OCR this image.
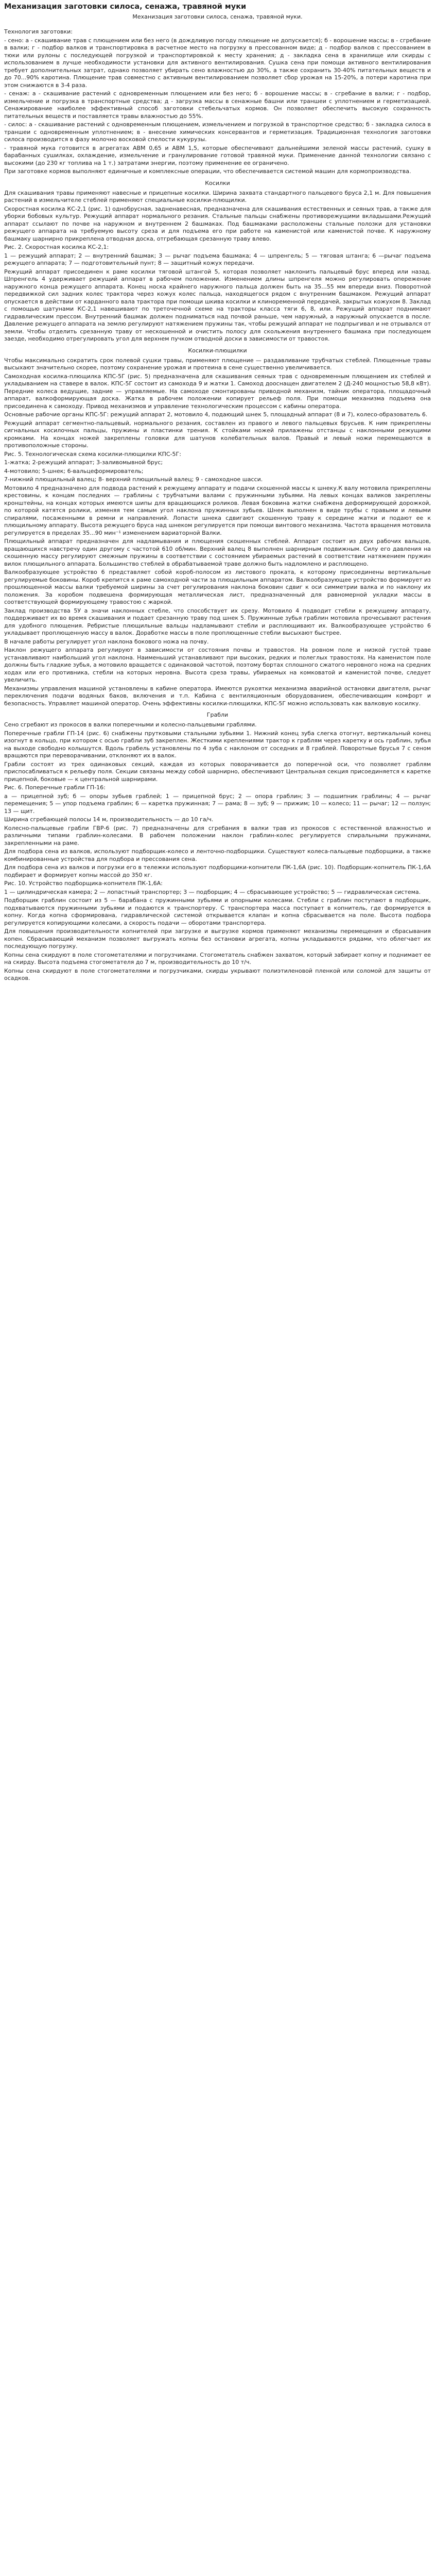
Механизация заготовки силоса, сенажа, травяной муки
Механизация заготовки силоса, сенажа, травяной муки.

Технология заготовки:

- сено: а - скашивание трав с плющением или без него (в дождливую погоду плющение не допускается); б - ворошение массы; в - сгребание в валки; г - подбор валков и транспортировка в расчетное место на погрузку в прессованном виде; д - подбор валков с прессованием в тюки или рулоны с последующей погрузкой и транспортировкой к месту хранения; д - закладка сена в хранилище или скирды с использованием в лучше необходимости установки для активного вентилирования. Сушка сена при помощи активного вентилирования требует дополнительных затрат, однако позволяет убирать сено влажностью до 30%, а также сохранить 30-40% питательных веществ и до 70...90% каротина. Плющение трав совместно с активным вентилированием позволяет сбор урожая на 15-20%, а потери каротина при этом снижаются в 3-4 раза.

- сенаж: а - скашивание растений с одновременным плющением или без него; б - ворошение массы; в - сгребание в валки; г - подбор, измельчение и погрузка в транспортные средства; д - загрузка массы в сенажные башни или траншеи с уплотнением и герметизацией. Сенажирование наиболее эффективный способ заготовки стебельчатых кормов. Он позволяет обеспечить высокую сохранность питательных веществ и поставляется травы влажностью до 55%.

- силос: а - скашивание растений с одновременным плющением, измельчением и погрузкой в транспортное средство; б - закладка силоса в траншеи с одновременным уплотнением; в - внесение химических консервантов и герметизация. Традиционная технология заготовки силоса производится в фазу молочно восковой спелости кукурузы.

- травяной мука готовится в агрегатах АВМ 0,65 и АВМ 1,5, которые обеспечивают дальнейшими зеленой массы растений, сушку в барабанных сушилках, охлаждение, измельчение и гранулирование готовой травяной муки. Применение данной технологии связано с высокими (до 230 кг топлива на 1 т.) затратами энергии, поэтому применение ее ограничено.

При заготовке кормов выполняют единичные и комплексные операции, что обеспечивается системой машин для кормопроизводства.

Косилки

Для скашивания травы применяют навесные и прицепные косилки. Ширина захвата стандартного пальцевого бруса 2,1 м. Для повышения растений в измельчителе стеблей применяют специальные косилки-плющилки.

Скоростная косилка КС-2,1 (рис. 1) однобрусная, задненавесная, предназначена для скашивания естественных и сеяных трав, а также для уборки бобовых культур. Режущий аппарат нормального резания. Стальные пальцы снабжены противорежущими вкладышами.Режущий аппарат ссылают по почве на наружном и внутреннем 2 башмаках. Под башмаками расположены стальные полозки для установки режущего аппарата на требуемую высоту среза и для подъема его при работе на каменистой или каменистой почве. К наружному башмаку шарнирно прикреплена отводная доска, отгребающая срезанную траву влево.

Рис. 2. Скоростная косилка КС-2,1:

1 — режущий аппарат; 2 — внутренний башмак; 3 — рычаг подъема башмака; 4 — шпренгель; 5 — тяговая штанга; 6 —рычаг подъема режущего аппарата; 7 — подготовительный пунт; 8 — защитный кожух передачи.

Режущий аппарат присоединен к раме косилки тяговой штангой 5, которая позволяет наклонить пальцевый брус вперед или назад. Шпренгель 4 удерживает режущий аппарат в рабочем положении. Изменением длины шпренгеля можно регулировать опережение наружного конца режущего аппарата. Конец носка крайнего наружного пальца должен быть на 35...55 мм впереди вниз. Поворотной передвижкой сил задних колес трактора через кожух колес пальца, находящегося рядом с внутренним башмаком. Режущий аппарат опускается в действии от карданного вала трактора при помощи шкива косилки и клиноременной передачей, закрытых кожухом 8. Заклад с помощью шатунами КС-2,1 навешивают по треточечной схеме на тракторы класса тяги 6, 8, или. Режущий аппарат поднимают гидравлическим прессом. Внутренний башмак должен подниматься над почвой раньше, чем наружный, а наружный опускается в после. Давление режущего аппарата на землю регулируют натяжением пружины так, чтобы режущий аппарат не подпрыгивал и не отрывался от земли. Чтобы отделить срезанную траву от нескошенной и очистить полосу для скольжения внутреннего башмака при последующем заезде, необходимо отрегулировать угол для верхнем пучком отводной доски в зависимости от травостоя.

Косилки-плющилки

Чтобы максимально сократить срок полевой сушки травы, применяют плющение — раздавливание трубчатых стеблей. Плющенные травы высыхают значительно скорее, поэтому сохранение урожая и протеина в сене существенно увеличивается.

Самоходная косилка-плющилка КПС-5Г (рис. 5) предназначена для скашивания сеяных трав с одновременным плющением их стеблей и укладыванием на ставере в валок. КПС-5Г состоит из самохода 9 и жатки 1. Самоход дооснащен двигателем 2 (Д-240 мощностью 58,8 кВт). Передние колеса ведущие, задние — управляемые. На самоходе смонтированы приводной механизм, тайник оператора, площадочный аппарат, валкоформирующая доска. Жатка в рабочем положении копирует рельеф поля. При помощи механизма подъема она присоединена к самоходу. Привод механизмов и управление технологическим процессом с кабины оператора.

Основные рабочие органы КПС-5Г: режущий аппарат 2, мотовило 4, подающий шнек 5, площадный аппарат (8 и 7), колесо-образователь 6.

Режущий аппарат сегментно-пальцевый, нормального резания, составлен из правого и левого пальцевых брусьев. К ним прикреплены сигнальных косилочных пальцы, пружины и пластинки трения. К стойками ножей прилажены отстанцы с наклонными режущими кромками. На концах ножей закреплены головки для шатунов колебательных валов. Правый и левый ножи перемещаются в противоположные стороны.

Рис. 5. Технологическая схема косилки-плющилки КПС-5Г:

1-жатка; 2-режущий аппарат; 3-заливомывной брус;

4-мотовило; 5-шнек; 6-вальцеформирователь;

7-нижний плющильный валец; 8- верхний плющильный валец; 9 - самоходное шасси.

Мотовило 4 предназначено для подвода растений к режущему аппарату и подачи скошенной массы к шнеку.К валу мотовила прикреплены крестовины, к концам последних — граблины с трубчатыми валами с пружинными зубьями. На левых концах валиков закреплены кронштейны, на концах которых имеются шипы для вращающихся роликов. Левая боковина жатки снабжена деформирующей дорожкой, по которой катятся ролики, изменяя тем самым угол наклона пружинных зубьев. Шнек выполнен в виде трубы с правыми и левыми спиралями, посаженными в ремни и направлений. Лопасти шнека сдвигают скошенную траву к середине жатки и подают ее к плющильному аппарату. Высота режущего бруса над шнеком регулируется при помощи винтового механизма. Частота вращения мотовила регулируется в пределах 35...90 мин⁻¹ изменением вариаторной Валки.

Плющильный аппарат предназначен для надламывания и плющения скошенных стеблей. Аппарат состоит из двух рабочих вальцов, вращающихся навстречу один другому с частотой 610 об/мин. Верхний валец 8 выполнен шарнирным подвижным. Силу его давления на скошенную массу регулируют смежным пружины в соответствии с состоянием убираемых растений в соответствии натяжением пружин вилок плющильного аппарата. Большинство стеблей в обрабатываемой траве должно быть надломлено и расплющено.

Валкообразующее устройство 6 представляет собой короб-полосом из листового проката, к которому присоединены вертикальные регулируемые боковины. Короб крепится к раме самоходной части за плющильным аппаратом. Валкообразующее устройство формирует из прошлющенной массы валки требуемой ширины за счет регулирования наклона боковин сдвиг к оси симметрии валка и по наклону их положения. За коробом подвешена формирующая металлическая лист, предназначенный для равномерной укладки массы в соответствующей формирующему травостою с жаркой.

Заклад производства 5У а значи наклонных стебле, что способствует их срезу. Мотовило 4 подводит стебли к режущему аппарату, поддерживает их во время скашивания и подает срезанную траву под шнек 5. Пружинные зубья граблин мотовила прочесывают растения для удобного плющения. Ребристые плющильные вальцы надламывают стебли и расплющивают их. Валкообразующее устройство 6 укладывает проплющенную массу в валок. Доработке массы в поле проплющенные стебли высыхают быстрее.

В начале работы регулирует угол наклона бокового ножа на почву.

Наклон режущего аппарата регулируют в зависимости от состояния почвы и травостоя. На ровном поле и низкой густой траве устанавливают наибольший угол наклона. Наименьший устанавливают при высоких, редких и полеглых травостоях. На каменистом поле должны быть гладкие зубья, а мотовило вращается с одинаковой частотой, поэтому бортах сплошного сжатого неровного ножа на средних ходах или его противника, стебли на которых неровна. Высота среза травы, убираемых на комковатой и каменистой почве, следует увеличить.

Механизмы управления машиной установлены в кабине оператора. Имеются рукоятки механизма аварийной остановки двигателя, рычаг переключения подачи водяных баков, включения и т.п. Кабина с вентиляционным оборудованием, обеспечивающим комфорт и безопасность. Управляет машиной оператор. Очень эффективны косилки-плющилки, КПС-5Г можно использовать как валковую косилку.

Грабли

Сено сгребают из прокосов в валки поперечными и колесно-пальцевыми граблями.

Поперечные грабли ГП-14 (рис. 6) снабжены прутковыми стальными зубьями 1. Нижний конец зуба слегка отогнут, вертикальный конец изогнут в кольцо, при котором с осью грабли зуб закреплен. Жесткими креплениями трактор к граблям через каретку и ось граблин, зубья на выходе свободно колышутся. Вдоль грабель установлены по 4 зуба с наклоном от соседних и 8 граблей. Поворотные брусья 7 с сеном вращаются при переворачивании, отклоняют их в валок.

Грабли состоят из трех одинаковых секций, каждая из которых поворачивается до поперечной оси, что позволяет граблям приспосабливаться к рельефу поля. Секции связаны между собой шарнирно, обеспечивают Центральная секция присоединяется к каретке прицепной, боковые — к центральной шарнирами.

Рис. 6. Поперечные грабли ГП-16:

а — прицепной зуб; б — опоры зубьев граблей; 1 — прицепной брус; 2 — опора граблин; 3 — подшипник граблины; 4 — рычаг перемещения; 5 — упор подъема граблин; 6 — каретка пружинная; 7 — рама; 8 — зуб; 9 — прижим; 10 — колесо; 11 — рычаг; 12 — ползун; 13 — щит.

Ширина сгребающей полосы 14 м, производительность — до 10 га/ч.

Колесно-пальцевые грабли ГВР-6 (рис. 7) предназначены для сгребания в валки трав из прокосов с естественной влажностью и различными типами граблин-колесами. В рабочем положении наклон граблин-колес регулируется спиральными пружинами, закрепленными на раме.

Для подбора сена из валков, используют подборщик-колесо и ленточно-подборщики. Существуют колеса-пальцевые подборщики, а также комбинированные устройства для подбора и прессования сена.

Для подбора сена из валков и погрузки его в тележки используют подборщики-копнители ПК-1,6А (рис. 10). Подборщик-копнитель ПК-1,6А подбирает и формирует копны массой до 350 кг.

Рис. 10. Устройство подборщика-копнителя ПК-1,6А:

1 — цилиндрическая камера; 2 — лопастный транспортер; 3 — подборщик; 4 — сбрасывающее устройство; 5 — гидравлическая система.

Подборщик граблин состоит из 5 — барабана с пружинными зубьями и опорными колесами. Стебли с граблин поступают в подборщик, подхватываются пружинными зубьями и подаются к транспортеру. С транспортера масса поступает в копнитель, где формируется в копну. Когда копна сформирована, гидравлической системой открывается клапан и копна сбрасывается на поле. Высота подбора регулируется копирующими колесами, а скорость подачи — оборотами транспортера.

Для повышения производительности копнителей при загрузке и выгрузке кормов применяют механизмы перемещения и сбрасывания копен. Сбрасывающий механизм позволяет выгружать копны без остановки агрегата, копны укладываются рядами, что облегчает их последующую погрузку.

Копны сена скирдуют в поле стогометателями и погрузчиками. Стогометатель снабжен захватом, который забирает копну и поднимает ее на скирду. Высота подъема стогометателя до 7 м, производительность до 10 т/ч.

Копны сена скирдуют в поле стогометателями и погрузчиками, скирды укрывают полиэтиленовой пленкой или соломой для защиты от осадков.
